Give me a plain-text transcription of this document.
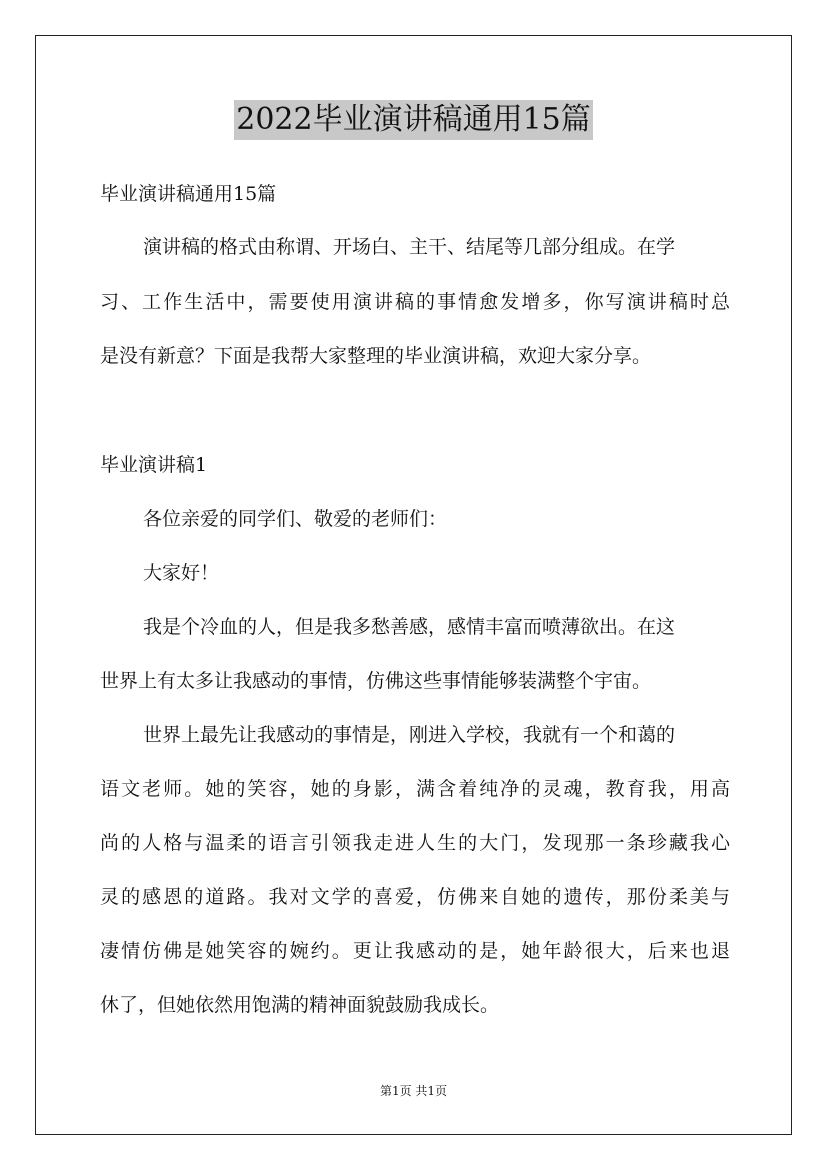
2022毕业演讲稿通用15篇
毕业演讲稿通用15篇
演讲稿的格式由称谓、开场白、主干、结尾等几部分组成。在学
习、工作生活中，需要使用演讲稿的事情愈发增多，你写演讲稿时总
是没有新意？下面是我帮大家整理的毕业演讲稿，欢迎大家分享。
毕业演讲稿1
各位亲爱的同学们、敬爱的老师们：
大家好！
我是个冷血的人，但是我多愁善感，感情丰富而喷薄欲出。在这
世界上有太多让我感动的事情，仿佛这些事情能够装满整个宇宙。
世界上最先让我感动的事情是，刚进入学校，我就有一个和蔼的
语文老师。她的笑容，她的身影，满含着纯净的灵魂，教育我，用高
尚的人格与温柔的语言引领我走进人生的大门，发现那一条珍藏我心
灵的感恩的道路。我对文学的喜爱，仿佛来自她的遗传，那份柔美与
凄情仿佛是她笑容的婉约。更让我感动的是，她年龄很大，后来也退
休了，但她依然用饱满的精神面貌鼓励我成长。
第1页 共1页
